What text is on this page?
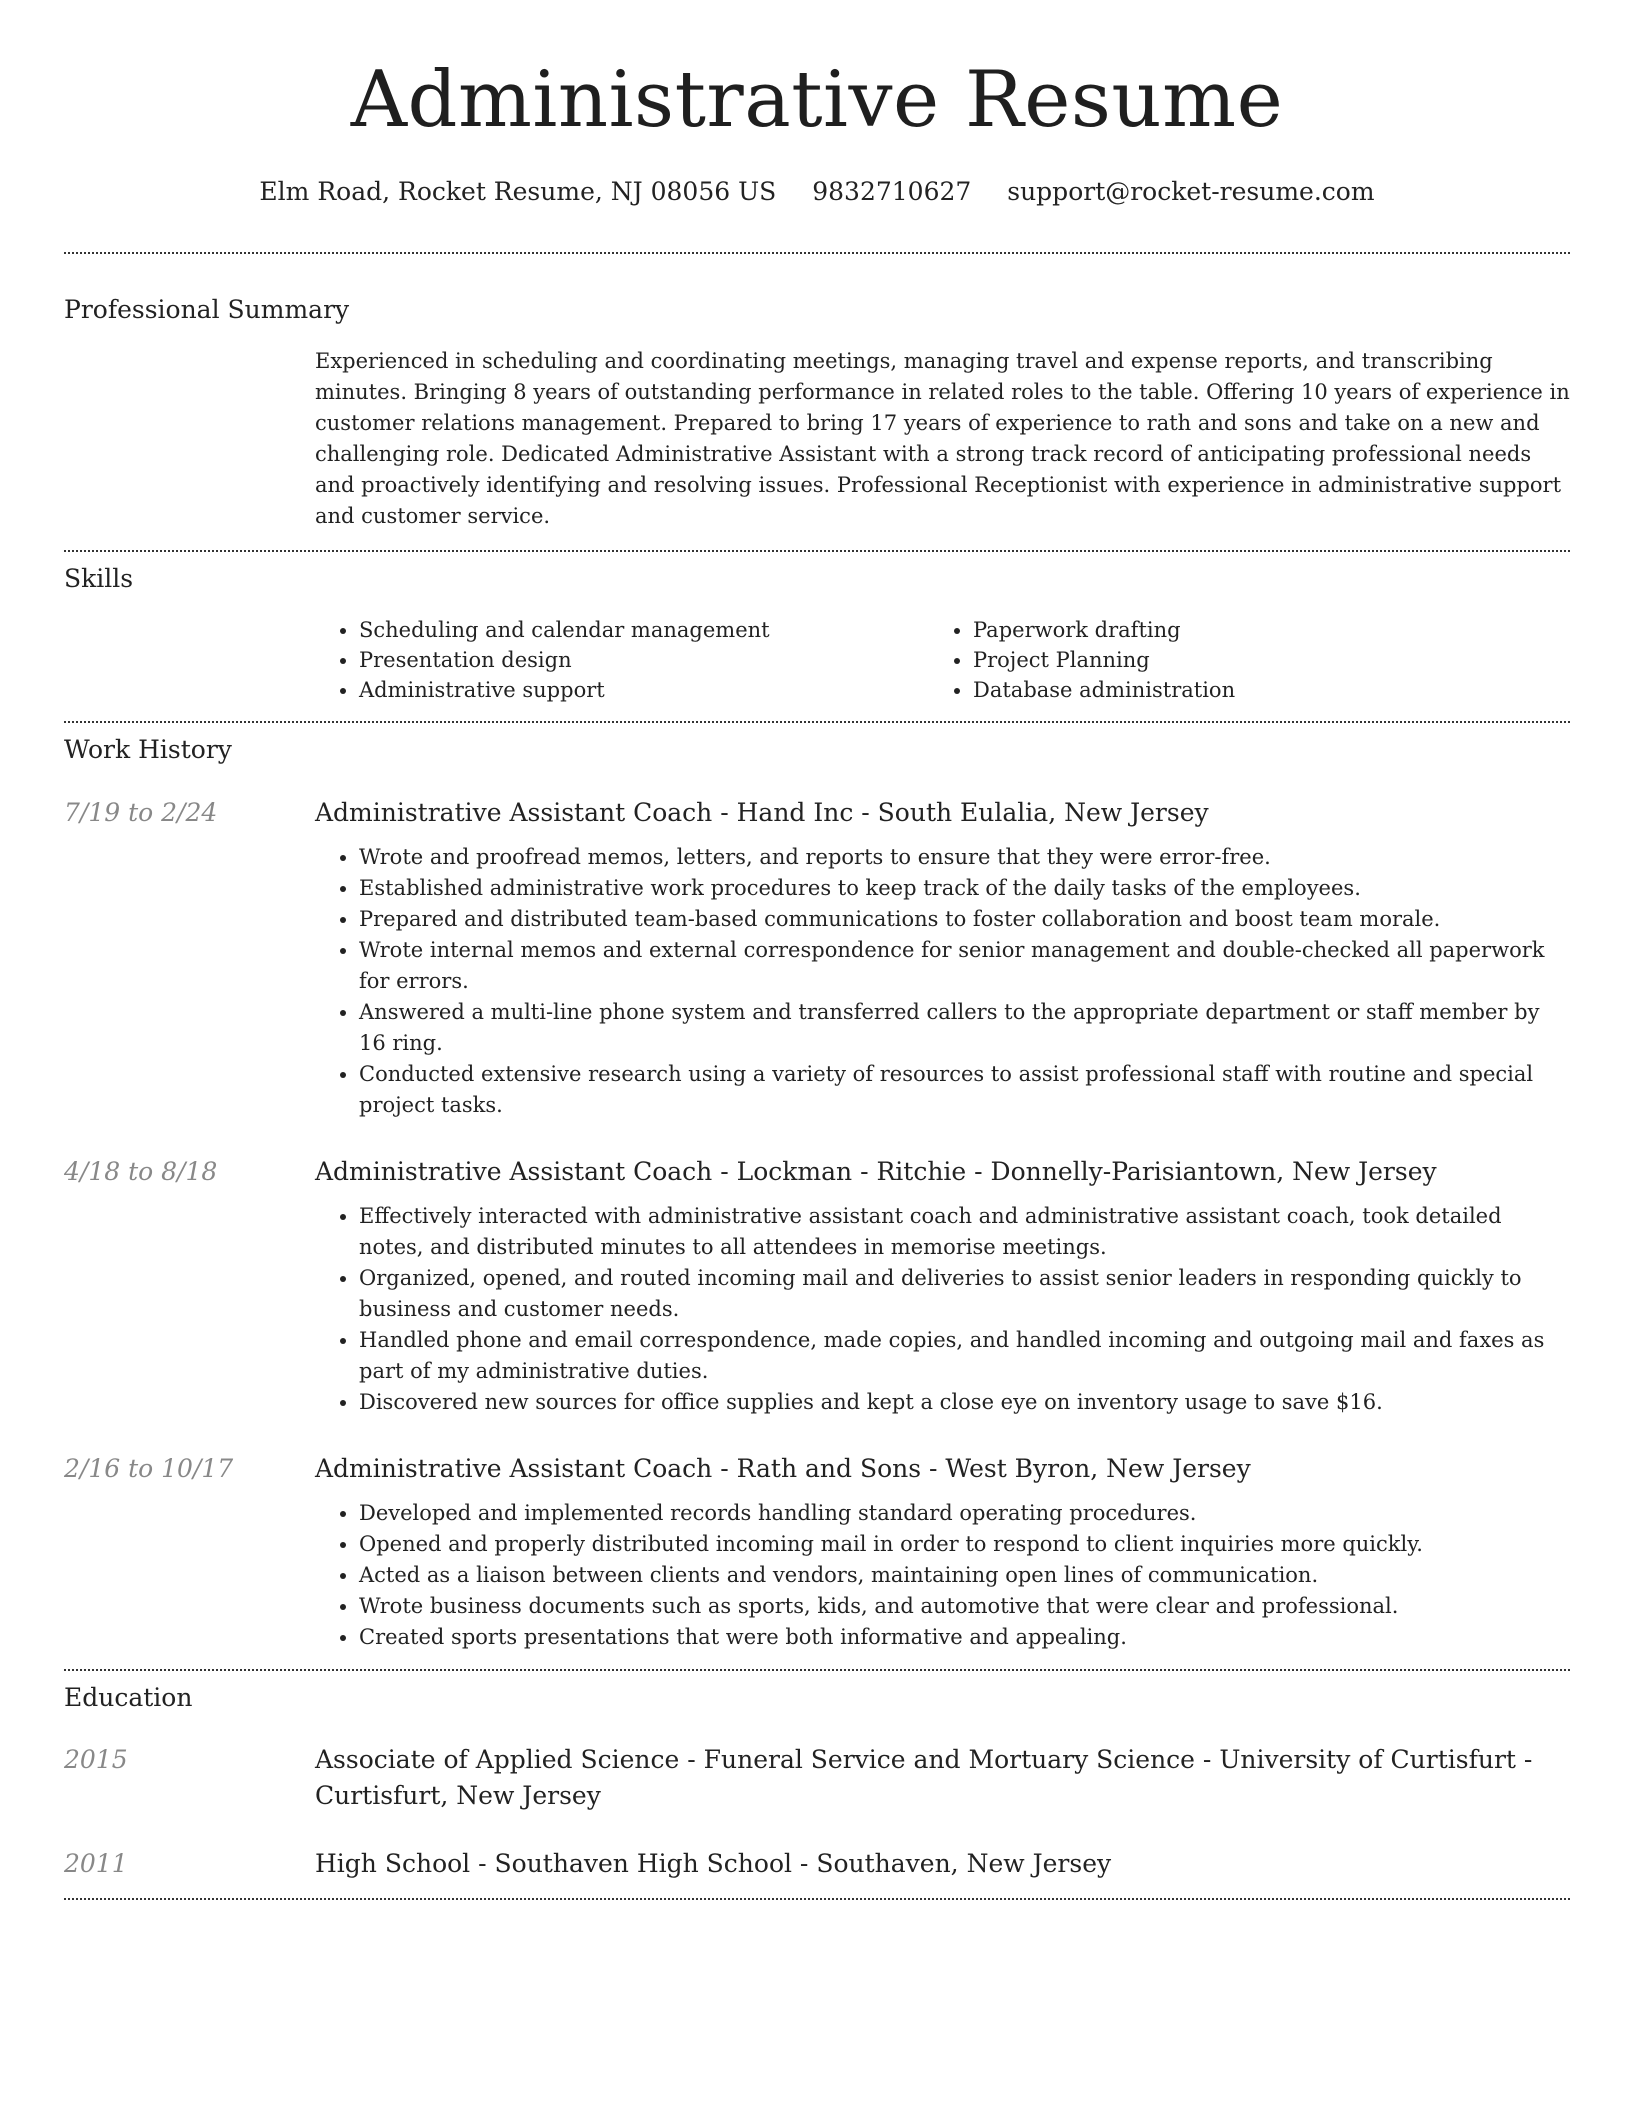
Administrative Resume
Elm Road, Rocket Resume, NJ 08056 US 9832710627 support@rocket-resume.com
Professional Summary
Experienced in scheduling and coordinating meetings, managing travel and expense reports, and transcribing minutes. Bringing 8 years of outstanding performance in related roles to the table. Offering 10 years of experience in customer relations management. Prepared to bring 17 years of experience to rath and sons and take on a new and challenging role. Dedicated Administrative Assistant with a strong track record of anticipating professional needs and proactively identifying and resolving issues. Professional Receptionist with experience in administrative support and customer service.
Skills
• Scheduling and calendar management
• Presentation design
• Administrative support
• Paperwork drafting
• Project Planning
• Database administration
Work History
7/19 to 2/24	Administrative Assistant Coach - Hand Inc - South Eulalia, New Jersey
• Wrote and proofread memos, letters, and reports to ensure that they were error-free.
• Established administrative work procedures to keep track of the daily tasks of the employees.
• Prepared and distributed team-based communications to foster collaboration and boost team morale.
• Wrote internal memos and external correspondence for senior management and double-checked all paperwork for errors.
• Answered a multi-line phone system and transferred callers to the appropriate department or staff member by 16 ring.
• Conducted extensive research using a variety of resources to assist professional staff with routine and special project tasks.
4/18 to 8/18	Administrative Assistant Coach - Lockman - Ritchie - Donnelly-Parisiantown, New Jersey
• Effectively interacted with administrative assistant coach and administrative assistant coach, took detailed notes, and distributed minutes to all attendees in memorise meetings.
• Organized, opened, and routed incoming mail and deliveries to assist senior leaders in responding quickly to business and customer needs.
• Handled phone and email correspondence, made copies, and handled incoming and outgoing mail and faxes as part of my administrative duties.
• Discovered new sources for office supplies and kept a close eye on inventory usage to save $16.
2/16 to 10/17	Administrative Assistant Coach - Rath and Sons - West Byron, New Jersey
• Developed and implemented records handling standard operating procedures.
• Opened and properly distributed incoming mail in order to respond to client inquiries more quickly.
• Acted as a liaison between clients and vendors, maintaining open lines of communication.
• Wrote business documents such as sports, kids, and automotive that were clear and professional.
• Created sports presentations that were both informative and appealing.
Education
2015	Associate of Applied Science - Funeral Service and Mortuary Science - University of Curtisfurt - Curtisfurt, New Jersey
2011	High School - Southaven High School - Southaven, New Jersey
